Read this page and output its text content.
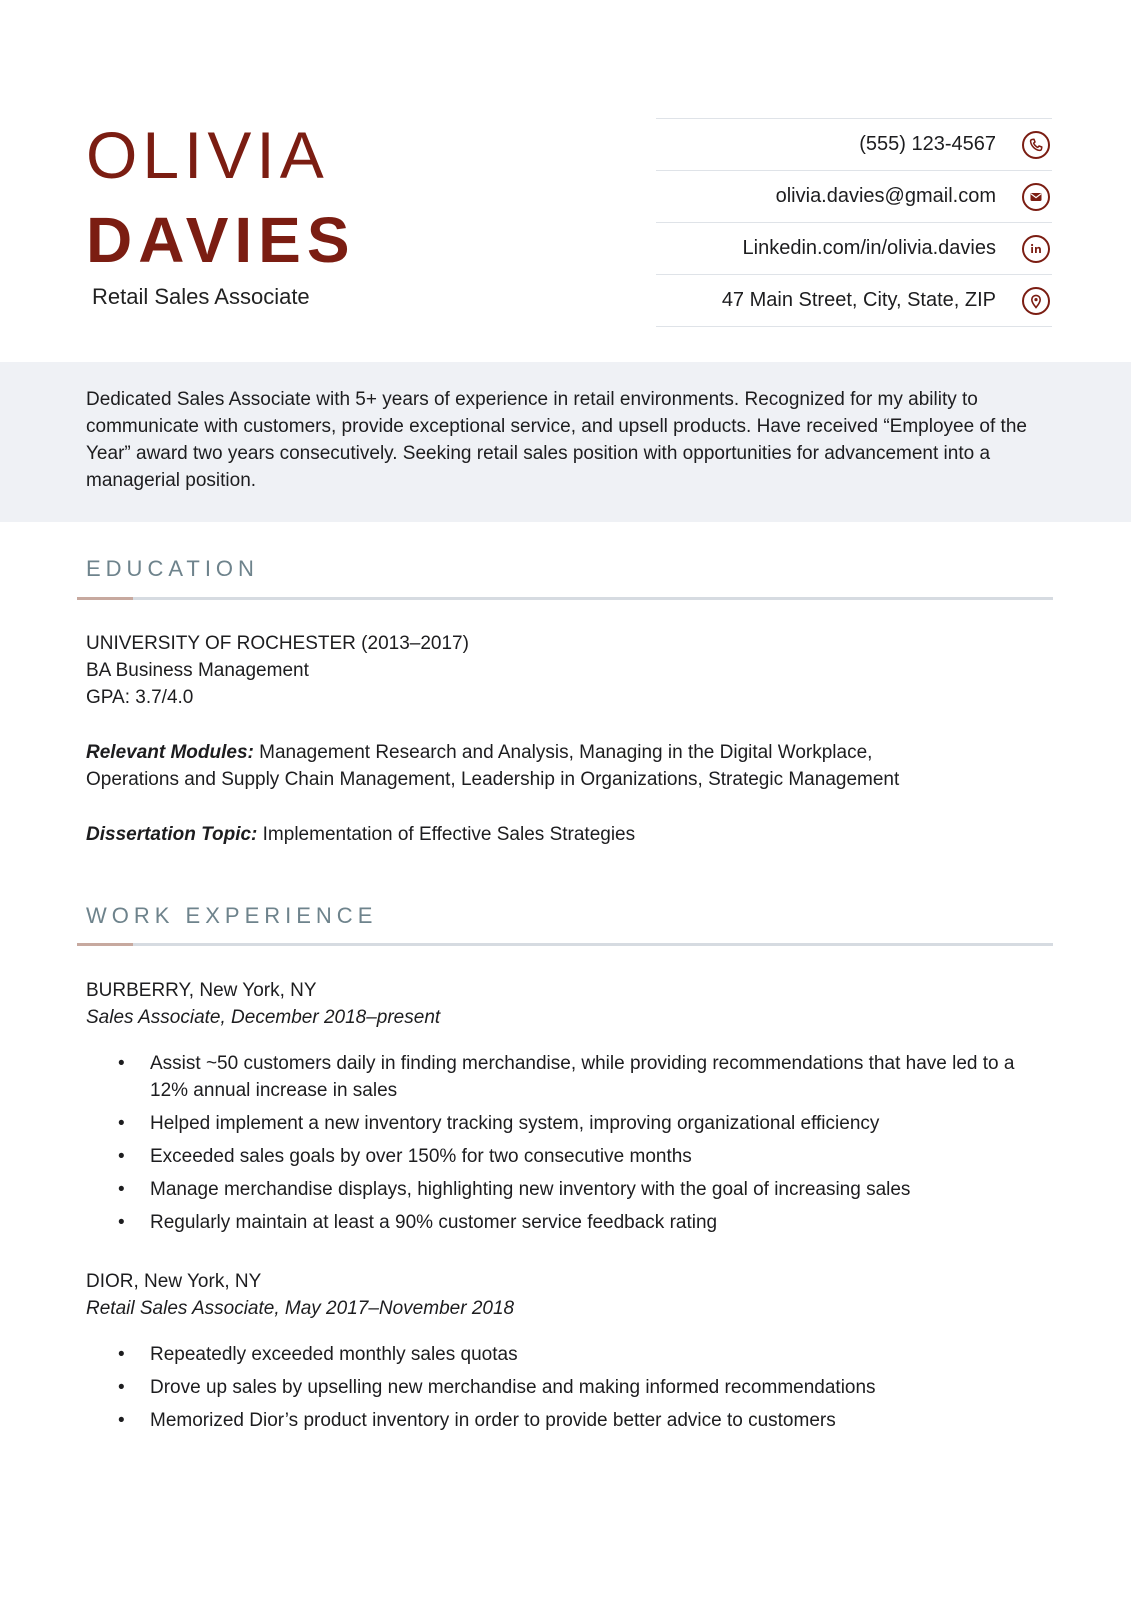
OLIVIA
DAVIES
Retail Sales Associate
(555) 123-4567
olivia.davies@gmail.com
Linkedin.com/in/olivia.davies
47 Main Street, City, State, ZIP

Dedicated Sales Associate with 5+ years of experience in retail environments. Recognized for my ability to communicate with customers, provide exceptional service, and upsell products. Have received “Employee of the Year” award two years consecutively. Seeking retail sales position with opportunities for advancement into a managerial position.

EDUCATION
UNIVERSITY OF ROCHESTER (2013–2017)
BA Business Management
GPA: 3.7/4.0
Relevant Modules: Management Research and Analysis, Managing in the Digital Workplace,
Operations and Supply Chain Management, Leadership in Organizations, Strategic Management
Dissertation Topic: Implementation of Effective Sales Strategies
WORK EXPERIENCE
BURBERRY, New York, NY
Sales Associate, December 2018–present
• Assist ~50 customers daily in finding merchandise, while providing recommendations that have led to a 12% annual increase in sales
• Helped implement a new inventory tracking system, improving organizational efficiency
• Exceeded sales goals by over 150% for two consecutive months
• Manage merchandise displays, highlighting new inventory with the goal of increasing sales
• Regularly maintain at least a 90% customer service feedback rating
DIOR, New York, NY
Retail Sales Associate, May 2017–November 2018
• Repeatedly exceeded monthly sales quotas
• Drove up sales by upselling new merchandise and making informed recommendations
• Memorized Dior’s product inventory in order to provide better advice to customers
